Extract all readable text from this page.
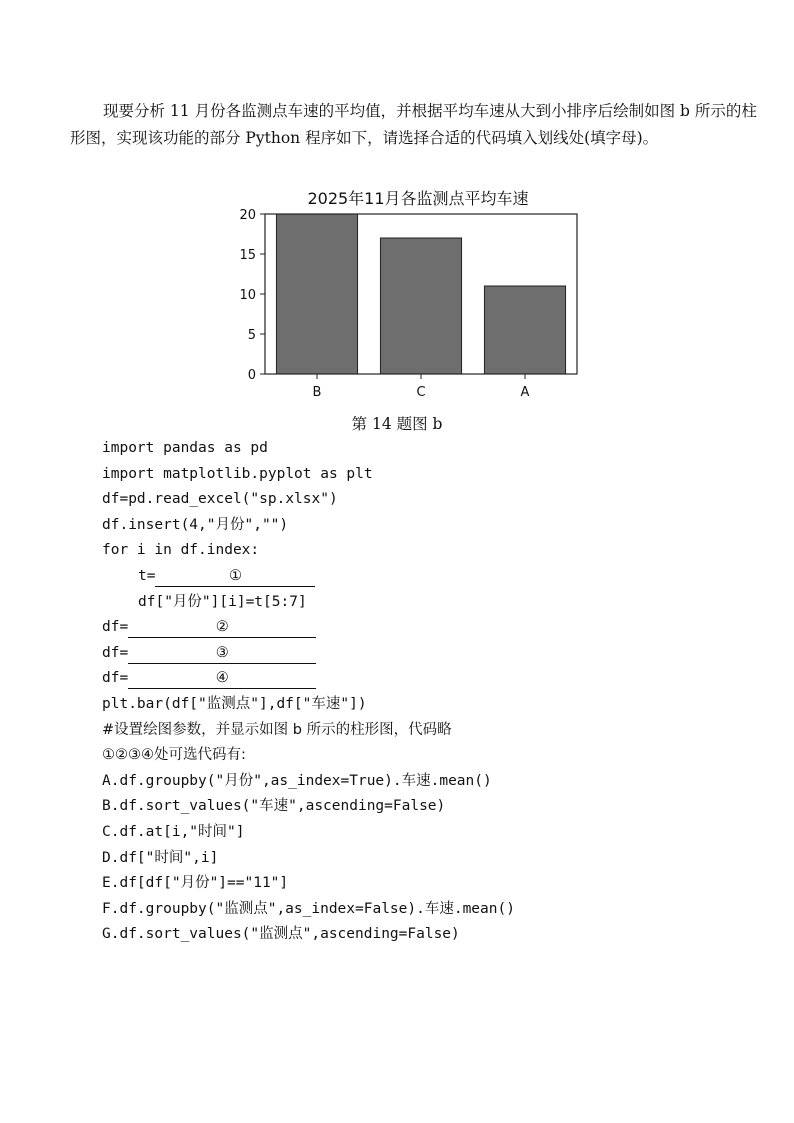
现要分析 11 月份各监测点车速的平均值，并根据平均车速从大到小排序后绘制如图 b 所示的柱形图，实现该功能的部分 Python 程序如下，请选择合适的代码填入划线处(填字母)。

2025年11月各监测点平均车速
B	C	A
0
5
10
15
20
第 14 题图 b
import pandas as pd
import matplotlib.pyplot as plt
df=pd.read_excel("sp.xlsx")
df.insert(4,"月份","")
for i in df.index:
t=	①
df["月份"][i]=t[5:7]
df=	②
df=	③
df=	④
plt.bar(df["监测点"],df["车速"])
#设置绘图参数，并显示如图 b 所示的柱形图，代码略
①②③④处可选代码有:
A.df.groupby("月份",as_index=True).车速.mean()
B.df.sort_values("车速",ascending=False)
C.df.at[i,"时间"]
D.df["时间",i]
E.df[df["月份"]=="11"]
F.df.groupby("监测点",as_index=False).车速.mean()
G.df.sort_values("监测点",ascending=False)
